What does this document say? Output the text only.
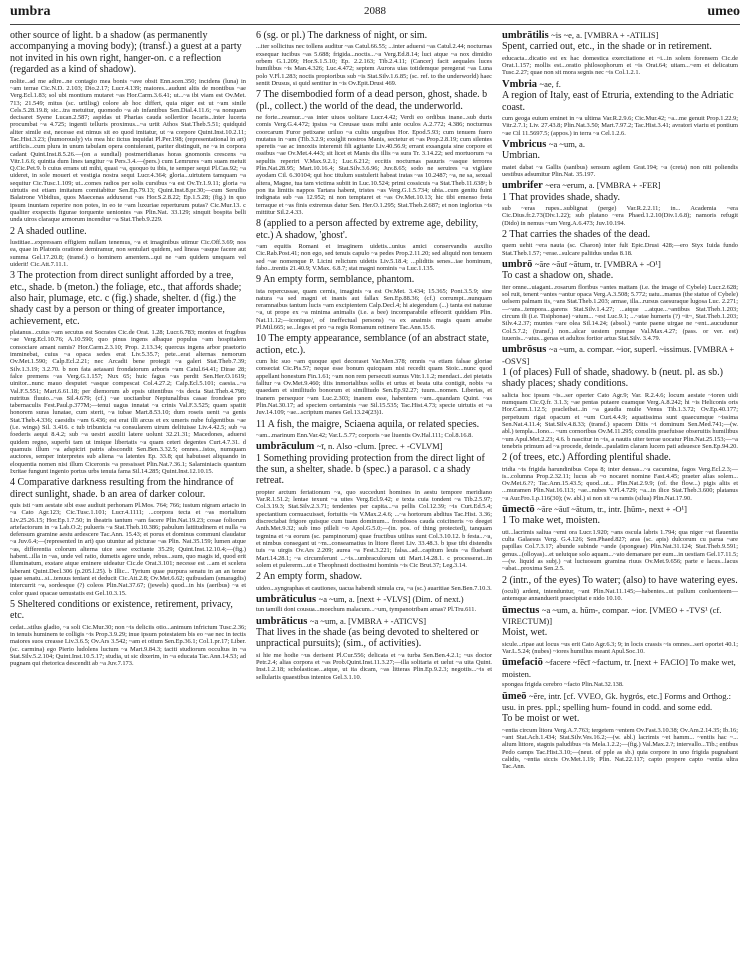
umbra	2088	umeo

other source of light. b a shadow (as permanently accompanying a moving body); (transf.) a guest at a party not invited in his own right, hanger-on. c a reflection (regarded as a kind of shadow).

nolite...ad me adire...ne contagio mea bonis ~ave obsit Enn.scen.350; incidens (luna) in ~am terrae Cic.N.D. 2.103; Dio.2.17; Lucr.4.139; maiores...audunt altis de montibus ~ae Verg.Ecl.1.83; sol ubi montium mutaret ~as Hor.Carm.3.6.41; ut...~a ibi viam est Ov.Met. 713; 21.549; mitus (sc. urtilisg) colore ab hoc differt, quia niger est ut ~am sinile Cels.5.28.19.8; sic...tra metuitur, quomodo ~a ab infantibus Sen.Dial.4.11.6; ~a nonquam decisaret Syene Lucan.2.587; aspidas ut Pharias cauda sollertior Iscaris...inter lucerta procumbat ~a 4.725; ingenti telluris proximus...~a urtit Athos Stat.Theb.5.51; quidquid aliter simile est, necesse est nimus sit eo quod imitatur, ut ~a corpore Quint.Inst.10.2.11; Tac.Hist.3.23; (humorously) vis mea hic iictus inquidat Pl.Per.198; (representational in art) artificis...cum plura in unum tabulam opera contulerant, pariter distinguit, ne ~a in corpora cadant Quint.Inst.8.5.26.—(on a sundial) postmeridianas horas gnomonis crescens ~a Vitr.1.6.6; quintia dum lines tangitur ~a Pers.3.4.—(pers.) cum Lemrures ~am suam metuit Q.Cic.Pet.9. b cuius errans uti mihi, quasi ~a, quoquo tu ibis, te semper sequi Pl.Cas.92; ~a uideret, in sole moueri et vestigia nostra sequi Lucr.4.364; gloria...uirtutem tamquam ~a sequitur Cic.Tusc.1.109; ut...comes radios per solis cursibus ~a est Ov.Tr.1.9.11; gloria ~a uirtutis est etiam imitatum comitabitur Sen.Ep.79.13; Quint.Inst.8.pr.30;—cum Seruilio Balatrone Vibidius, quos Maecenas adduxerat ~as Hor.S.2.8.22; Ep.1.5.28; (fig.) in quo ipsum inuntam reperire non potes, in eo te ~am luxuriae reperturum putas? Cic.Mur.13. c qualiter exspectis figurae torquente ueniontes ~as Plin.Nat. 33.129; sinquit bospita belli unda uiros claraque armorum incendiur ~a Stat.Theb.9.229.

2 A shaded outline.

lustitiae...expressam effigiem nullam tenemus, ~a et imaginibus utimur Cic.Off.3.69; nos ea, quae in Platonis oratione demiramur, non sentulari quidem, sed lineas ~asque facere aut summa Gel.17.20.8; (transf.) o hominem amentem...qui ne ~am quidem umquam vel uiderit! Cic.Att.7.11.1.

3 The protection from direct sunlight afforded by a tree, etc., shade. b (meton.) the foliage, etc., that affords shade; also hair, plumage, etc. c (fig.) shade, shelter. d (fig.) the shady cast by a person or thing of greater importance, achievement, etc.

platanus...cuius ~am secutus est Socrates Cic.de Orat. 1.28; Lucr.6.783; montes et frugibus ~ae Verg.Ecl.10.76; A.10.590; quo pinus ingens albaque populus ~am hospitalem consociare amant ramis? Hor.Carm.2.3.10; Prop. 2.13.34; quercus ingens arbor praetorio imminebat, cuius ~a opaca sedes erat Liv.5.35.7; pete...erat alternas nemorum Ov.Met.1.590; Calp.Ecl.2.21; nec Arcadii bene protegit ~a galeri Stat.Theb.7.39; Silv.1.3.19; 3.2.70. b non fata aetasani frondatorum arboris ~am Catul.64.41; Dirae 28; falce premens ~as Verg.G.1.157; Nux 65; huic fagus ~as perdit Sen.Her.O.1619; uinitor...nunc mauo desputet ~asque compescat Col.4.27.2; Calp.Ecl.5.101; caesia...~a Val.F.5.551; Mart.6.61.18; per diemorum ab epsis uitentibus ~is decia Stat.Theb.4.798; nutritus fluuio...~as Sil.4.679; (cf.) ~ae uocitanbur Neptunalibus casae frondeae pro tabernaculis Fest.Paul.p.377M;—tenui uagus innatat ~a crinis Val.F.3.525; quam spatiit honorem suras lunatae, cum sterit, ~a iubae Mart.8.53.10; dum roseis uenit ~a genis Stat.Theb.4.336; caesidis ~am 6.436; est erat illi arcus et ex umeris nube fulgentibus ~ae (i.e. wings) Sil. 3.416. c tub tribunicia ~a consularem uirum delituisse Liv.4.42.5; sub ~a foederis aequi 8.4.2; sub ~a uestri auxilii latere uolunt 32.21.31; Macedones, aduersi quidem regno, superbi tam ut imique libertatis ~a quam ceteri degentes Curt.4.7.31. d quamuis illum ~a adspiciri patris abscondit Sen.Ben.3.32.5; omnes...istos, numquam auctores, semper interpretes sub aliena ~a latentes Ep. 33.8; qui habuisset aliquando in eloquentia nomen nisi illum Ciceronis ~a pressisset Plin.Nat.?.36.1; Salaminiacis quantum Ixritae fungunt ingenio portus urbs tenuia fama Sil.14.285; Quint.Inst.12.10.15.

4 Comparative darkness resulting from the hindrance of direct sunlight, shade. b an area of darker colour.

quis isti ~am aestate sibi esse audiuit perhonam Pl.Mos. 764; 766; iustum nigram artacio in ~a Cato Agr.123; Cic.Tusc.1.101; Lucr.4.1111; ...corpora tecta et ~as mortalium Liv.25.26.15; Hor.Ep.1.7.50; in theatris tantum ~am facere Plin.Nat.19.23; cosae foliorum artefactorum in ~a Lab.O.2; pulueris ~a Stat.Theb.10.386; pabulum lattitudinem et nulla ~a defensum gramine aestu ardescere Tac.Ann. 15.43; et porus et dominus communi claudatur ~a Juv.6.4;—(represented in art) quo utuntur ad picturae ~as Plin. Nat.35.159; lumen atque ~as, differentia colorum alterna uice sese excitante 35.29; Quint.Inst.12.10.4;—(fig.) habent...illa in ~as, unde vel ratio, dumetis agere unde, rebus...sum, quo magis id, quod erit illuminatum, exstare atque eminere uideatur Cic.de Orat.3.101; necesse est ...am et scelera laberant Quint.Decl.306 (p.205.l.25). b Illic... Tyrium quae purpura senatu in an an tenue quae senatu...si...tenuus teniant et deducit Cic.Att.2.8; Ov.Met.6.62; quibusdam (smaragdis) intercurrit ~a, sordesque (?) coleos Plin.Nat.37.67; (jewels) quod...in his (aeribus) ~a et color quasi opacae uenustatis est Gel.10.3.15.

5 Sheltered conditions or existence, retirement, privacy, etc.

cedat...stilus gladio, ~a soli Cic.Mur.30; non ~is deliciis otio...animum infrictum Tusc.2.36; in tenuis huminem te colligis ~is Prop.3.9.29; inue ipsum potestatem bis eo ~ae nec in tectis maiores suos creasse Liv.3.6.5; Ov.Ars 3.542; ~am et otium Sen.Ep.36.1; Col.1.pr.17; Liber. (sc. carmina) ego Pierio ludolens luctum ~a Mart.9.84.3; taciti studiorum occultus in ~a Stat.Silv.5.2.104; Quint.Inst.10.5.17; studia, ut sic dixerim, in ~a educata Tac.Ann.14.53; ad pugnam qui rhetorica descendit ab ~a Juv.7.173.

6 (sg. or pl.) The darkness of night, or sim.

...iter sollicitus nec tollens auditur ~as Catul.66.55; ...inter aduersi ~as Catul.2.44; nocturnas exsequar iucibus ~as 5.688; frigida...noctis...~a Verg.Ed.8.14; luci atque ~a nox dimidio orbem G.1.209; Hor.S.1.5.10; Ep. 2.2.163; Tib.2.4.11; (Cancer) facit aequales luces humilibus ~is Man.4.326; Luc.4.472; septem Aurora uias totidemque peregerat ~as Luna polo V.Fl.1.283; noctis propioribus sub ~is Stat.Silv.1.6.85; (sc. ref. to the underworld) haec sentit Drusus, si quid sentitur in ~is Ov.Epit.Drusi 469.

7 The disembodied form of a dead person, ghost, shade. b (pl., collect.) the world of the dead, the underworld.

ne forte...reamur...~as inter uiuos uolitare Lucr.4.42; Verdi eo ordibus inane...sub duris comis Verg.G.4.472; ipsius ~a Creusae usus mihi ante oculos A.2.772; 4.386; nocturnus coorcarum Furor petixane uriluo ~a cultis unguibus Hor. Epod.5.93; cum tenuem fuero mutatus in ~am (Tib.3.2.9; exsiglit nostros Manis, sectetur et ~as Prop.2.8.19; cum silentes speretis ~ae ac innoxiis interemit fili agitante Liv.40.56.9; errant exsanguia sine corpore et ossibus ~ae Ov.Met.4.443; sit licet et Manis dis illis ~a sura Tr. 3.14.22; sed mortuorum ~a sepultis reperirt V.Max.9.2.1; Luc.6.212; eccitis nocturnas pauuris ~asque terrores Plin.Nat.28.95; Mart.10.16.4; Stat.Silv.3.6.96; Juv.8.65; sodo ne seruires ~a vigilare ayodam Cil. 6.30104; qui hoc titulum sustulerit habeat iratas ~as 10.2487; ~a, ne sa, sexual altera, Magne, tua tam victima subiit in Luc.10.524; primi cossicuis ~a Stat.Theb.11.638ᵃ; b pon ita limitis nappos Tartara habent, tristes ~as Verg.G.1.5.734; ubia...cum genitu fuint indignata sub ~as 12.952; ni non temptaret et ~as Ov.Met.10.13; hic tibi emenso freta terraque et ~as finis extremus datur Sen. Her.O.1.295; Stat.Theb.2.687; et non inglorius ~is mittitur Sil.2.4.33.

8 (applied to a person affected by extreme age, debility, etc.) A shadow, 'ghost'.

~am equitis Romani et imaginem uidetis...unius amici conservandis auxilio Cic.Rab.Post.41; non ego, sed tenuis capulo ~a pedes Prop.2.11.20; sed aliquid non tenuem sed ~ae nomenque P. Licini relictum uidetis Liv.5.18.4; ...pliditis senes...iae hominum, fabo...trentis 21.40.9; V.Max. 6.8.7; stat magni nominis ~a Luc.1.135.

9 An empty form, semblance, phantom.

ista repercussae, quam cernis, imaginis ~a est Ov.Met. 3.434; 15.365; Pont.3.5.9; sine natura ~a sed magni et inanis aut fallax Sen.Ep.88.36; (cf.) corrumpt...nunquam reramnaibus tantum lucis ~am excipientem Calp.Decl.4; hi aiegendum (...) tanta est naturae ~a, ut prope ex ~a minima animalis (i.e. a bee) incomparabile effecerit quiddam Plin. Nat.11.12;—iconique/, of ineffectual persons) ~a ex anaimis magis quam amabe Pl.Mil.665; se...leges et pro ~a regis Romanum retinere Tac.Ann.15.6.

10 The empty appearance, semblance (of an abstract state, action, etc.).

cum hic suo ~am quoque spei decoraset Var.Men.378; omnis ~a etiam falsae gloriae consectat Cic.Pis.57; neque esse bonum quicquam nisi recedit quam Stoic...nunc quod appellant honestum Fin.1.61; ~am non rem persecuti sumus Vitr.1.1.2; mendaci...dei pietatis falltur ~a Ov.Met.9.460; iliis inmortalibus sollis et urtus et beata uita contigit, nobis ~a quaedam et similitudo bonorum et similitudo Sen.Ep.92.27; tuum...nomen. Libertas, et inanem persequor ~am Luc.2.303; inanem esse, habentem ~am...quandam Quint. ~as Plin.Nat.30.17; ad speciem certaminis ~ae Sil.15.535; Tac.Hist.4.73; specie uirtutis et ~a Juv.14.109; ~ae...scriptum manes Gel.13.24(23)1.

11 A fish, the maigre, Sciaena aquila, or related species.

~am...marinum Enn.Var.42; Var.L.5.77; corporis ~ae liuentis Ov.Hal.111; Col.8.16.8.

umbrāculum ~ī, n. Also -clum. [prec. + -CVLVM]

1 Something providing protection from the direct light of the sun, a shelter, shade. b (spec.) a parasol. c a shady retreat.

propter arctum feriationum ~a, quo succedunt homines in aestu tempore meridiano Var.R.1.51.2; lentae texunt ~a uites Verg.Ecl.9.42; e texta cuia tondent ~a Tib.2.5.97; Col.3.19.3; Stat.Silv.2.3.71; tendentes per capita...~a pellis Col.12.39; ~is Curt.Ed.5.4; spectantium cornuacuisset, fortuitis ~is V.Max.2.4.6; ...~a hortorum abditus Tac.Hist. 3.36; discrectabat frigore quisque cum tuam dominum... frondosos cauda coicitneris ~o deeget Anth.Met.9.32; sub imo pilleli ~o Apol.G.5.0;—(in. pos. of thing protected), tanquam tegmina et ~a eorum (sc. pampinorum) quae fructibus utilius sunt Col.3.10.12. b festa...~a, et nimbus consegant ut ~m...conseamatius in litore fleret Liv. 33.48.3. b ipse tibi distendis tuis ~a uirgis Ov.Ars 2.209; aurea ~a Fest.3.221; falsa...ad...capitum leuis ~a fluebant Mart.14.28.1; ~a circumferunt ...~is...umbraculorum uti Mart.14.28.1. c processerat...in solem et pulererm...ut e Theophrasti doctissimi hominis ~is Cic Brut.37; Leg.3.14.

2 An empty form, shadow.

uideo...syngraphas et cautiones, uacua habendi simula cra, ~a (sc.) auaritiae Sen.Ben.7.10.3.

umbrāticulus ~a ~um, a. [next + -VLVS] (Dim. of next.)

tun tamilli doni cousua...moechum malacum...~um, tympanotribam amas? Pl.Tru.611.

umbrāticus ~a ~um, a. [VMBRA + -ATICVS]

That lives in the shade (as being devoted to sheltered or unpractical pursuits); (sim., of activities).

si hie me hodie ~us derisent Pl.Cur.556; delicata et ~a turba Sen.Ben.4.2.1; ~us doctor Petr.2.4; alias corpora et ~as Prob.Quint.Inst.11.3.27;—illa solitaria et uelut ~a uita Quint. Inst.1.2.18; scholasticae...atque, ut ita dicam, ~as litteras Plin.Ep.9.2.3; negotiis...~is et sellulariis quaestibus intentos Gel.3.1.10.

umbrātilis ~is ~e, a. [VMBRA + -ATILIS]

Spent, carried out, etc., in the shade or in retirement.

educacta...dicatio est ex hac domestica exercitatione et ~i...in solem forensem Cic.de Orat.1.157; mollis est...oratio philosophorum et ~is Orat.64; uitam...~em et delicatum Tusc.2.27; quae non sit mora segnis nec ~is Col.1.2.1.

Vmbria ~ae, f.

A region of Italy, east of Etruria, extending to the Adriatic coast.

cum geoga euium eminet in ~a ultima Var.R.2.9.6; Cic.Mur.42; ~a...me genuit Prop.1.22.9; Vitr.2.7.1; Liv. 27.43.8; Plin.Nat.3.50; Mart.7.97.2; Tac.Hist.3.41; avratori viariu et pontium ~ae Cil 11.5697.5; (appos.) in terra ~a Cel.1.2.6.

Vmbricus ~a ~um, a.

Umbrian.

matet dabat ~a Gallis (sanibus) sensum agilem Grat.194; ~a (creta) non niti poliendis uestibus adsumitur Plin.Nat. 35.197.

umbrifer ~era ~erum, a. [VMBRA + -FER]

1 That provides shade, shady.

sub ~eras rupes...sublignat (perge) Var.R.2.2.11; in... Academia ~era Cic.Dius.fr.2.73(Div.1.22); sub platano ~era Phaed.1.2.10(Div.1.6.8); namoris refugit (Dido) in nemus ~um Verg.A.6.473; Juv.10.194.

2 That carries the shades of the dead.

quem uehit ~era nauta (sc. Charon) inter fult Epic.Drusi 428;—ero Styx Iuida fundo Stat.Theb.1.57; ~erae...sulcare paliidus undas 8.18.

umbrō ~āre ~āuī ~ātum, tr. [VMBRA + -O¹]

To cast a shadow on, shade.

iter omne...uiagant...rosarum floribus ~antes mattam (i.e. the image of Cybele) Lucr.2.628; sol ruit, tenent ~antes ~antur opaca Verg.A.3.508; 5.772; uatu...manus (the statue of Cybele) uelsem palmam iis, ~ans Stat.Theb.1.203; armae, illa...rursus caesuraque lugosa Luc. 2.271;—~ans...tempora...garens Stat.Silv.1.4.27; ...atque ...atque...~antibus Stat.Theb.1.203; circum ili (i.e. Tisiphonae) ~atum... ~est Luc.9.1; ...~atae humeris (?) ~it~, Stat.Theb.1.203; Silv.4.2.37; muntes ~are olea Sil.14.24; (absol.) ~ante paene uirgae ne ~ent...aucudunur Col.5.7.2; (transf.) non...alcar uestem pumpae Val.Max.4.27; (pass. or ver. est) iuuenis...~atus...genas et adultos fortior artus Stat.Silv. 3.4.79.

umbrōsus ~a ~um, a. compar. ~ior, superl. ~issimus. [VMBRA + -OSVS]

1 (of places) Full of shade, shadowy. b (neut. pl. as sb.) shady places; shady conditions.

salicta hoc ipsum ~is...ser operter Cato Agr.9; Var. R.2.4.6; locum aestate ~ioren uidi numquam Cic.Q.fr. 3.1.3; ~ae pentas putaere cuamque Verg.A.8.242; hi ~is Heliconis oris Hor.Carm.1.12.5; pracleibat...in ~a gaudia mulie Venus Tib.1.3.72; Ov.Ep.40.177; perpetuum rigat opacum et ~um Curt.4.4.9; aquatissima sunt quaecumque ~issima Sen.Nat.4.11.4; Stat.Silv.4.8.33; (transf.) spacem Ditis ~i dominum Sen.Med.741;—(w. abl.) templa...Iono... ~um cornoribus Ov.M.11.295; consiliis praefuisse obseruitis humilibus ~um Apul.Met.2.23; 4.6. b nascitur in ~is, a nautis uiter terrae uocatur Plin.Nat.25.153;—~a tenebris primum ad ~a procede, deinde...paulatim claram lucem pati adsuesce Sen.Ep.94.20.

2 (of trees, etc.) Affording plentiful shade.

tridia ~is frigida harundinibus Copa 8; inter densas...~a cacumina, fagos Verg.Ecl.2.3;—is...columna Prop.2.32.11; lucus ab ~o nocaret nomine Fast.4.45; praeter alias solem... Ov.Met.6.??; Tac.Ann.15.43.5; quod...ut... Plin.Nat.2.9.9; (of. the flow...) pigis aliis et ...muramen Plin.Nat.16.113; ~ae...nubes V.Fl.4.729; ~a...in ilice Stat.Theb.3.600; platanus ~a Aur.Fro.1.p.116(30); (w. abl.) si non sit ~a ramis (silua) Plin.Nat.17.90.

ūmectō ~āre ~āuī ~ātum, tr., intr. [hūm-, next + -O¹]

1 To make wet, moisten.

uti...lacrimis saliua ~emi ora Lucr.1.920; ~ans oscula labris 1.794; qua niger ~at flauentia culta Galaesus Verg. G.4.126; Sen.Phaed.827; aras (sc. apis) dulcorum cu parua ~are papillas Col.7.3.17; abunde subinde ~ande (spongeae) Plin.Nat.31.124; Stat.Theb.9.591; genus...(olloyas)...et uelutque solo aquam...~ato demanare per eum...in uestiam Gel.17.11.5;—(w. liquid as subj.) ~at luctuosum gramina riuus Ov.Met.9.656; parte e lacus...lacus ~abat...proxima Sen.2.5.

2 (intr., of the eyes) To water; (also) to have watering eyes.

(oculi) ardent, intenduntur, ~ant Plin.Nat.11.145;—habentes...ut pullum conluenteem—antemque annanduerit praecipitat e nido 10.10.

ūmectus ~a ~um, a. hūm-, compar. ~ior. [VMEO + -TVS¹ (cf. VIRECTUM)]

Moist, wet.

sicule...ripae aut locus ~us erit Cato Agr.6.3; 9; in locis crassis ~is omnes...seri oportet 40.1; Var.L.5.24; (nubes) ~iores humilius meant Apul.Soc.10.

ūmefaciō ~facere ~fēcī ~factum, tr. [next + FACIO] To make wet, moisten.

spongea frigida cerebro ~facto Plin.Nat.32.138.

ūmeō ~ēre, intr. [cf. VVEO, Gk. hygrós, etc.] Forms and Orthog.: usu. in pres. ppl.; spelling hum- found in codd. and some edd.

To be moist or wet.

~entia circum litora Verg.A.7.763; tergetem ~entem Ov.Fast.3.10.38; Ov.Am.2.14.35; Ib.16; ~ant Stat.Ach.1.434; Stat.Silv.Ves.16.2;—(w. abl.) lacrimis ~et hamm... ~entiis hac ~... alium littore, stagnis paludibus ~is Mela.1.2.2;—(fig.) Val.Max.2.?; intervallo...Tib.; entibus Pedo camps Tac.Hist.3.10;—(neut. of pple as sb.) quia corpore in uno frigida pugnabant calidis, ~entia siccis Ov.Met.1.19; Plin. Nat.22.117; capto propere capto ~entia ultra Tac.Ann.
